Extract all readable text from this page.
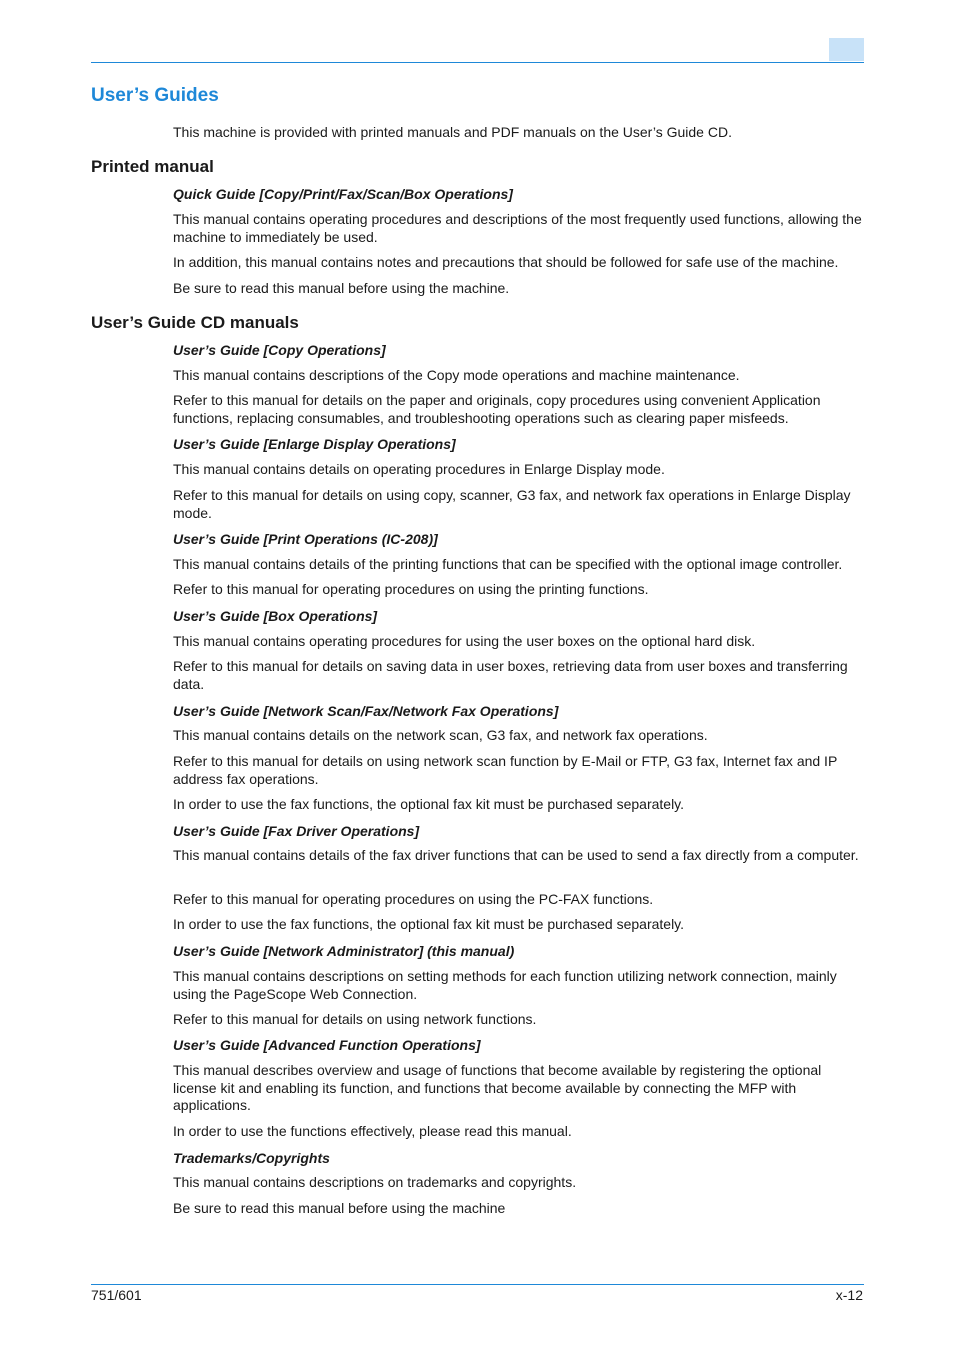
User’s Guides

This machine is provided with printed manuals and PDF manuals on the User’s Guide CD.

Printed manual
Quick Guide [Copy/Print/Fax/Scan/Box Operations]

This manual contains operating procedures and descriptions of the most frequently used functions, allowing the machine to immediately be used.

In addition, this manual contains notes and precautions that should be followed for safe use of the machine.

Be sure to read this manual before using the machine.

User’s Guide CD manuals
User’s Guide [Copy Operations]

This manual contains descriptions of the Copy mode operations and machine maintenance.

Refer to this manual for details on the paper and originals, copy procedures using convenient Application functions, replacing consumables, and troubleshooting operations such as clearing paper misfeeds.

User’s Guide [Enlarge Display Operations]

This manual contains details on operating procedures in Enlarge Display mode.

Refer to this manual for details on using copy, scanner, G3 fax, and network fax operations in Enlarge Display mode.

User’s Guide [Print Operations (IC-208)]

This manual contains details of the printing functions that can be specified with the optional image controller.

Refer to this manual for operating procedures on using the printing functions.

User’s Guide [Box Operations]

This manual contains operating procedures for using the user boxes on the optional hard disk.

Refer to this manual for details on saving data in user boxes, retrieving data from user boxes and transferring data.

User’s Guide [Network Scan/Fax/Network Fax Operations]

This manual contains details on the network scan, G3 fax, and network fax operations.

Refer to this manual for details on using network scan function by E-Mail or FTP, G3 fax, Internet fax and IP address fax operations.

In order to use the fax functions, the optional fax kit must be purchased separately.

User’s Guide [Fax Driver Operations]

This manual contains details of the fax driver functions that can be used to send a fax directly from a computer.

Refer to this manual for operating procedures on using the PC-FAX functions.

In order to use the fax functions, the optional fax kit must be purchased separately.

User’s Guide [Network Administrator] (this manual)

This manual contains descriptions on setting methods for each function utilizing network connection, mainly using the PageScope Web Connection.

Refer to this manual for details on using network functions.

User’s Guide [Advanced Function Operations]

This manual describes overview and usage of functions that become available by registering the optional license kit and enabling its function, and functions that become available by connecting the MFP with applications.

In order to use the functions effectively, please read this manual.

Trademarks/Copyrights

This manual contains descriptions on trademarks and copyrights.

Be sure to read this manual before using the machine

751/601	x-12
